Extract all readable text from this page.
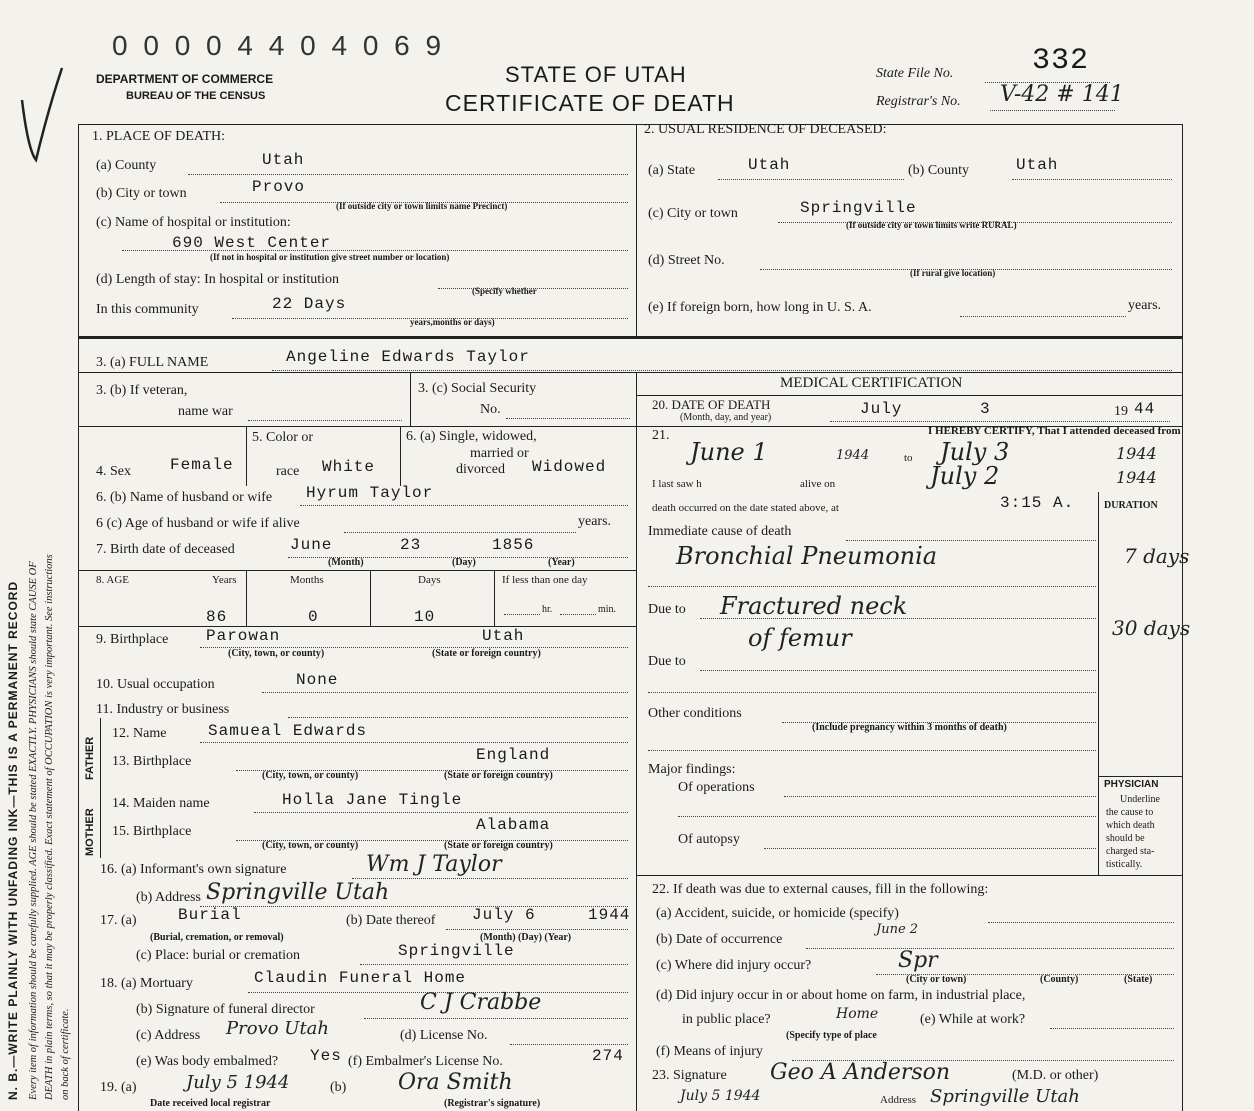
N. B.—WRITE PLAINLY WITH UNFADING INK—THIS IS A PERMANENT RECORD Every item of information should be carefully supplied. AGE should be stated EXACTLY. PHYSICIANS should state CAUSE OF DEATH in plain terms, so that it may be properly classified. Exact statement of OCCUPATION is very important. See instructions on back of certificate.
0 0 0 0 4 4 0 4 0 6 9
DEPARTMENT OF COMMERCE
BUREAU OF THE CENSUS
STATE OF UTAH
CERTIFICATE OF DEATH
State File No.	332
Registrar's No. V-42 # 141
1. PLACE OF DEATH:
(a) County	Utah
(b) City or town	Provo
(If outside city or town limits name Precinct)
(c) Name of hospital or institution:
690 West Center
(If not in hospital or institution give street number or location)
(d) Length of stay: In hospital or institution
(Specify whether
In this community	22 Days
years,months or days)
2. USUAL RESIDENCE OF DECEASED:
(a) State	Utah	(b) County	Utah
(c) City or town	Springville
(If outside city or town limits write RURAL)
(d) Street No.
(If rural give location)
(e) If foreign born, how long in U. S. A.	years.
3. (a) FULL NAME	Angeline Edwards Taylor
3. (b) If veteran,
name war
3. (c) Social Security
No.
4. Sex Female
5. Color or
race White
6. (a) Single, widowed,
married or
divorced Widowed
6. (b) Name of husband or wife Hyrum Taylor
6 (c) Age of husband or wife if alive	years.
7. Birth date of deceased	June	23	1856
(Month)	(Day)	(Year)
8. AGE	Years	Months	Days	If less than one day
86	0	10	hr.	min.
9. Birthplace Parowan	Utah
(City, town, or county)	(State or foreign country)
10. Usual occupation	None
11. Industry or business
FATHER
MOTHER
12. Name	Samueal Edwards
13. Birthplace	England
(City, town, or county)	(State or foreign country)
14. Maiden name	Holla Jane Tingle
15. Birthplace	Alabama
(City, town, or county)	(State or foreign country)
16. (a) Informant's own signature	Wm J Taylor
(b) Address Springville Utah
17. (a)	Burial
(Burial, cremation, or removal)
(b) Date thereof July 6	1944
(Month) (Day) (Year)
(c) Place: burial or cremation	Springville
18. (a) Mortuary	Claudin Funeral Home
(b) Signature of funeral director	C J Crabbe
(c) Address Provo Utah	(d) License No.
(e) Was body embalmed? Yes (f) Embalmer's License No.	274
19. (a)	July 5 1944
Date received local registrar
(b) Ora Smith
(Registrar's signature)
MEDICAL CERTIFICATION
20. DATE OF DEATH
(Month, day, and year)	July	3	19 44
21.	I HEREBY CERTIFY, That I attended deceased from
June 1	1944	to July 3	1944
I last saw h	alive on	July 2	1944
death occurred on the date stated above, at	3:15 A.	DURATION
Immediate cause of death
Bronchial Pneumonia	7 days
Due to Fractured neck
of femur	30 days
Due to
Other conditions
(Include pregnancy within 3 months of death)
Major findings:
Of operations
Of autopsy
PHYSICIAN
Underline
the cause to
which death
should be
charged sta-
tistically.
22. If death was due to external causes, fill in the following:
(a) Accident, suicide, or homicide (specify)
(b) Date of occurrence
June 2
(c) Where did injury occur?	Spr
(City or town)	(County)	(State)
(d) Did injury occur in or about home on farm, in industrial place,
in public place?	Home	(e) While at work?
(Specify type of place
(f) Means of injury
23. Signature Geo A Anderson	(M.D. or other)
July 5 1944	Address Springville Utah
